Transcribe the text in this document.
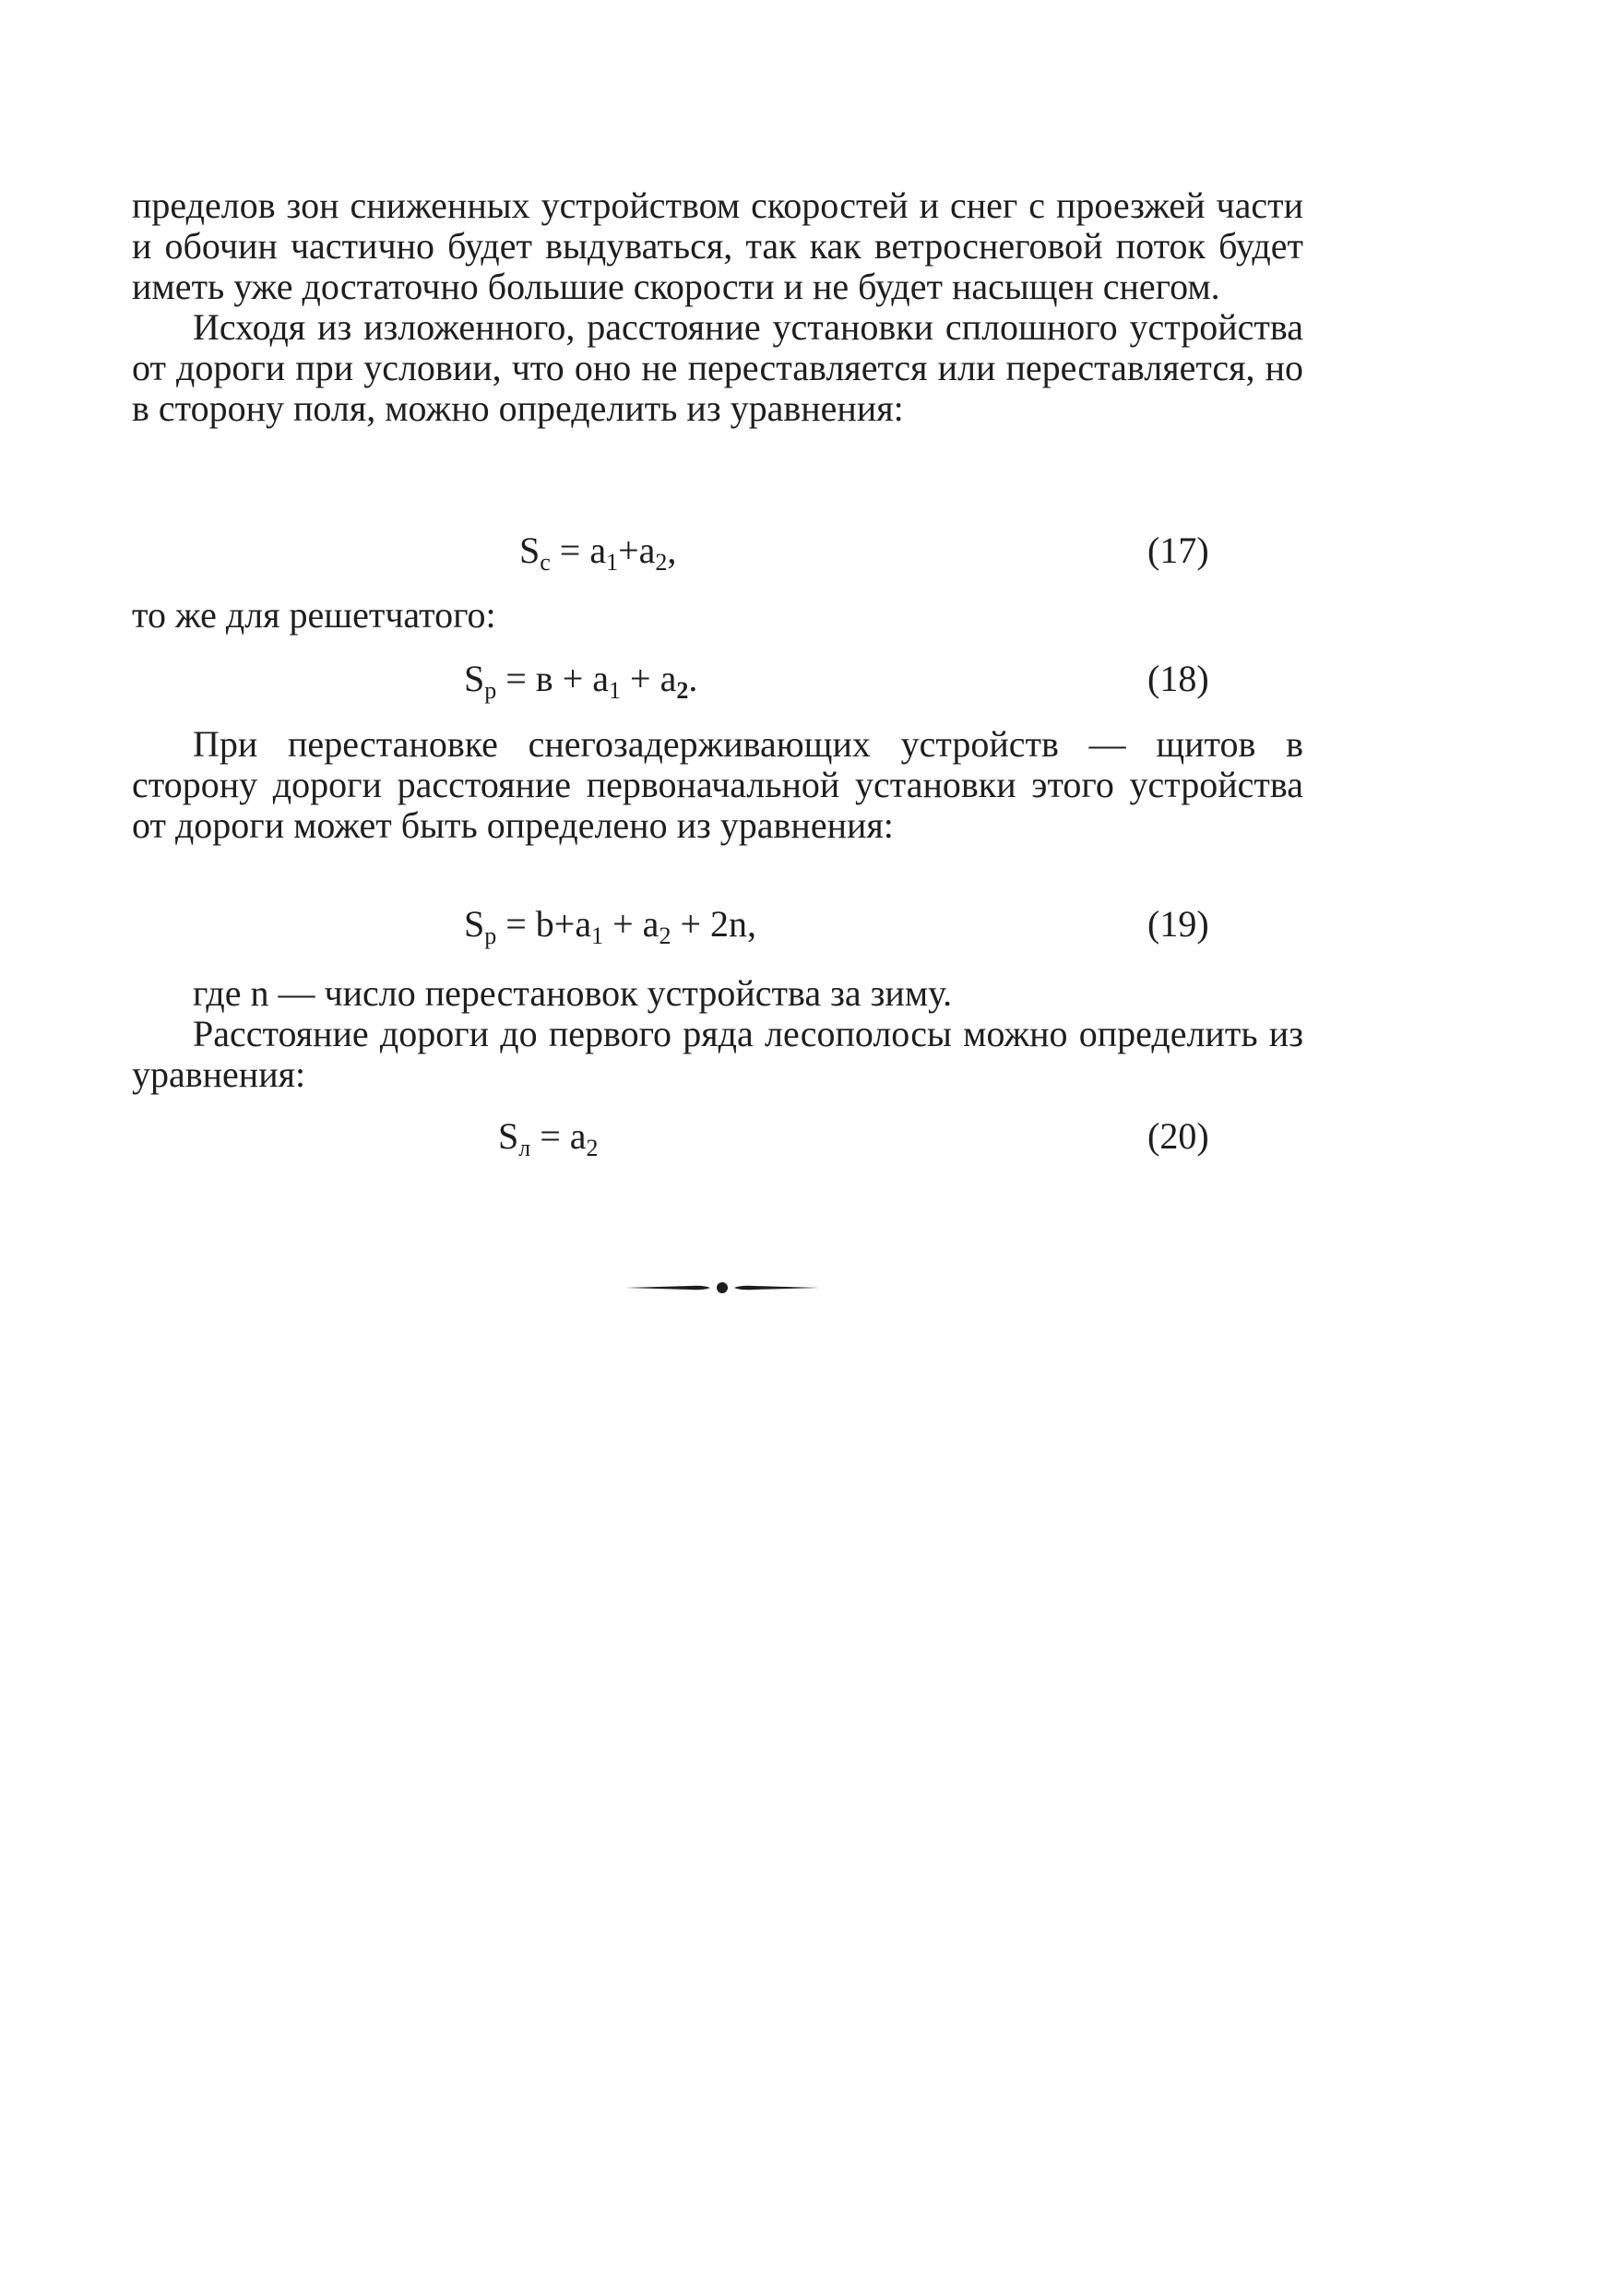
пределов зон сниженных устройством скоростей и снег с проезжей части и обочин частично будет выдуваться, так как ветроснеговой поток будет иметь уже достаточно большие скорости и не будет насыщен снегом.

Исходя из изложенного, расстояние установки сплошного устройства от дороги при условии, что оно не переставляется или переставляется, но в сторону поля, можно определить из уравнения:

$S_c = a_1+a_2$,	(17)

то же для решетчатого:

$S_p = в + a_1 + a_2$.	(18)

При перестановке снегозадерживающих устройств — щитов в сторону дороги расстояние первоначальной установки этого устройства от дороги может быть определено из уравнения:

$S_p = b+a_1 + a_2 + 2n$,	(19)

где n — число перестановок устройства за зиму.

Расстояние дороги до первого ряда лесополосы можно определить из уравнения:

$S_л = a_2$	(20)
